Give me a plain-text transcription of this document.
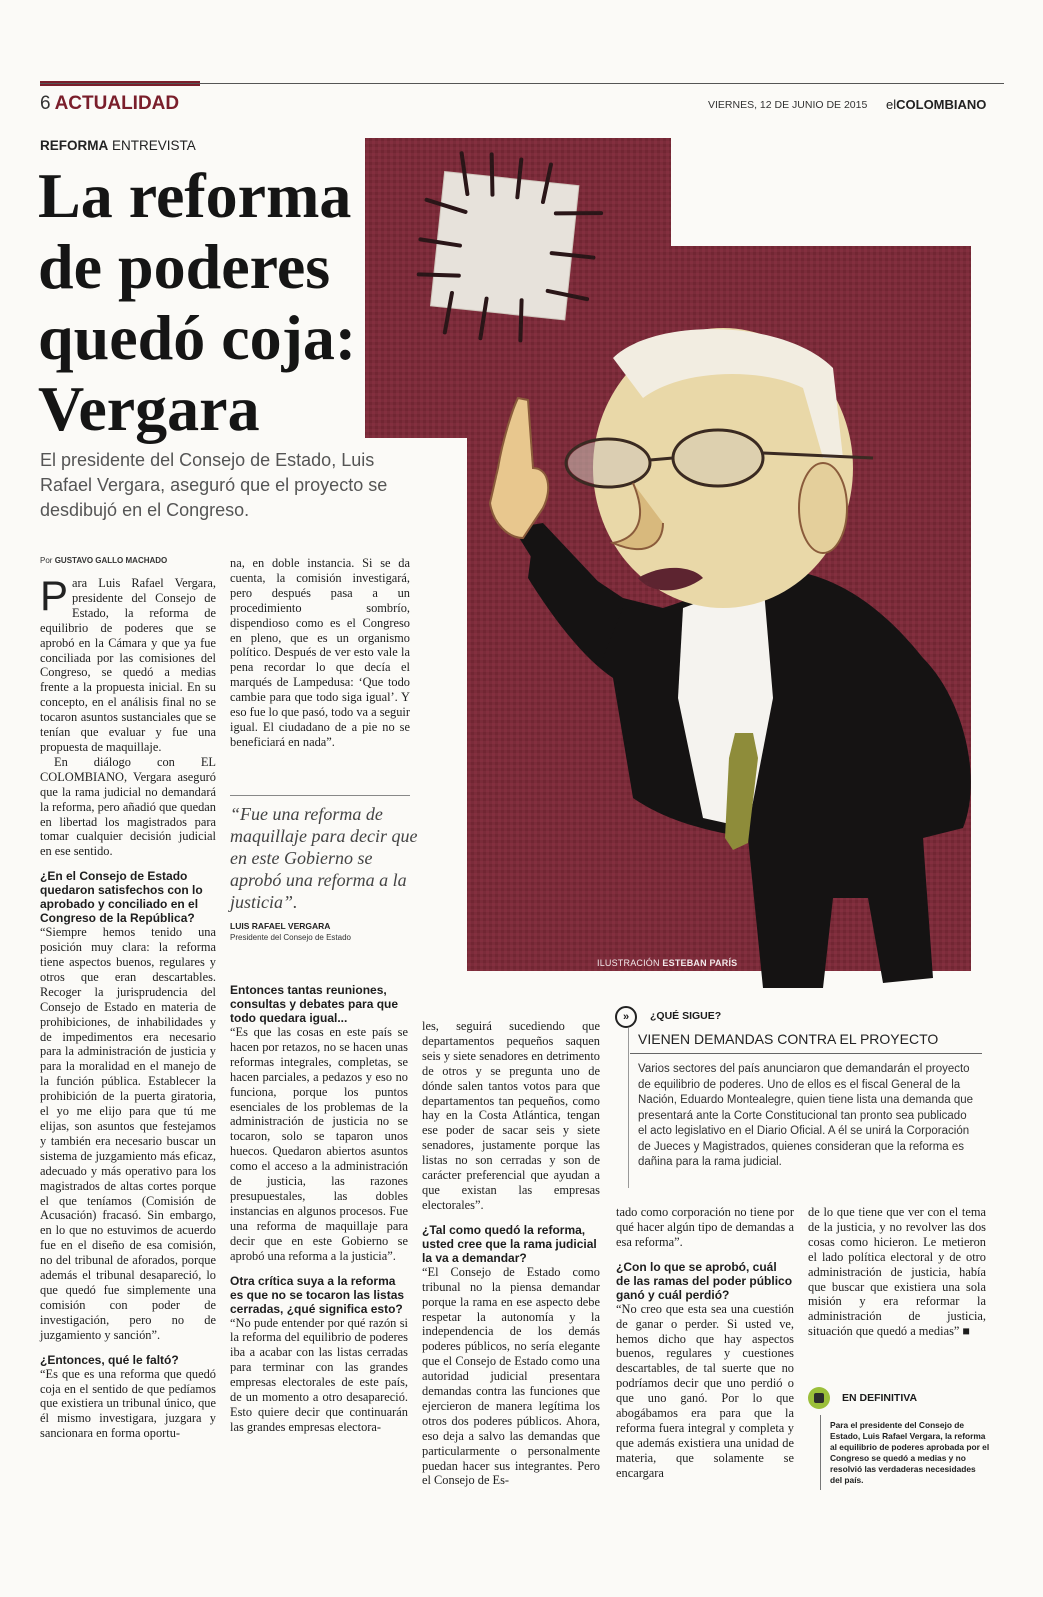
6 ACTUALIDAD	VIERNES, 12 DE JUNIO DE 2015 elCOLOMBIANO
REFORMA ENTREVISTA
La reforma de poderes quedó coja: Vergara

El presidente del Consejo de Estado, Luis Rafael Vergara, aseguró que el proyecto se desdibujó en el Congreso.

ILUSTRACIÓN ESTEBAN PARÍS
Por GUSTAVO GALLO MACHADO

Para Luis Rafael Vergara, presidente del Consejo de Estado, la reforma de equilibrio de poderes que se aprobó en la Cámara y que ya fue conciliada por las comisiones del Congreso, se quedó a medias frente a la propuesta inicial. En su concepto, en el análisis final no se tocaron asuntos sustanciales que se tenían que evaluar y fue una propuesta de maquillaje.

En diálogo con EL COLOMBIANO, Vergara aseguró que la rama judicial no demandará la reforma, pero añadió que quedan en libertad los magistrados para tomar cualquier decisión judicial en ese sentido.

¿En el Consejo de Estado quedaron satisfechos con lo aprobado y conciliado en el Congreso de la República?

“Siempre hemos tenido una posición muy clara: la reforma tiene aspectos buenos, regulares y otros que eran descartables. Recoger la jurisprudencia del Consejo de Estado en materia de prohibiciones, de inhabilidades y de impedimentos era necesario para la administración de justicia y para la moralidad en el manejo de la función pública. Establecer la prohibición de la puerta giratoria, el yo me elijo para que tú me elijas, son asuntos que festejamos y también era necesario buscar un sistema de juzgamiento más eficaz, adecuado y más operativo para los magistrados de altas cortes porque el que teníamos (Comisión de Acusación) fracasó. Sin embargo, en lo que no estuvimos de acuerdo fue en el diseño de esa comisión, no del tribunal de aforados, porque además el tribunal desapareció, lo que quedó fue simplemente una comisión con poder de investigación, pero no de juzgamiento y sanción”.

¿Entonces, qué le faltó?

“Es que es una reforma que quedó coja en el sentido de que pedíamos que existiera un tribunal único, que él mismo investigara, juzgara y sancionara en forma oportu-

na, en doble instancia. Si se da cuenta, la comisión investigará, pero después pasa a un procedimiento sombrío, dispendioso como es el Congreso en pleno, que es un organismo político. Después de ver esto vale la pena recordar lo que decía el marqués de Lampedusa: ‘Que todo cambie para que todo siga igual’. Y eso fue lo que pasó, todo va a seguir igual. El ciudadano de a pie no se beneficiará en nada”.

“Fue una reforma de maquillaje para decir que en este Gobierno se aprobó una reforma a la justicia”.
LUIS RAFAEL VERGARA
Presidente del Consejo de Estado

Entonces tantas reuniones, consultas y debates para que todo quedara igual...

“Es que las cosas en este país se hacen por retazos, no se hacen unas reformas integrales, completas, se hacen parciales, a pedazos y eso no funciona, porque los puntos esenciales de los problemas de la administración de justicia no se tocaron, solo se taparon unos huecos. Quedaron abiertos asuntos como el acceso a la administración de justicia, las razones presupuestales, las dobles instancias en algunos procesos. Fue una reforma de maquillaje para decir que en este Gobierno se aprobó una reforma a la justicia”.

Otra crítica suya a la reforma es que no se tocaron las listas cerradas, ¿qué significa esto?

“No pude entender por qué razón si la reforma del equilibrio de poderes iba a acabar con las listas cerradas para terminar con las grandes empresas electorales de este país, de un momento a otro desapareció. Esto quiere decir que continuarán las grandes empresas electora-

les, seguirá sucediendo que departamentos pequeños saquen seis y siete senadores en detrimento de otros y se pregunta uno de dónde salen tantos votos para que departamentos tan pequeños, como hay en la Costa Atlántica, tengan ese poder de sacar seis y siete senadores, justamente porque las listas no son cerradas y son de carácter preferencial que ayudan a que existan las empresas electorales”.

¿Tal como quedó la reforma, usted cree que la rama judicial la va a demandar?

“El Consejo de Estado como tribunal no la piensa demandar porque la rama en ese aspecto debe respetar la autonomía y la independencia de los demás poderes públicos, no sería elegante que el Consejo de Estado como una autoridad judicial presentara demandas contra las funciones que ejercieron de manera legítima los otros dos poderes públicos. Ahora, eso deja a salvo las demandas que particularmente o personalmente puedan hacer sus integrantes. Pero el Consejo de Es-

»	¿QUÉ SIGUE?
VIENEN DEMANDAS CONTRA EL PROYECTO
Varios sectores del país anunciaron que demandarán el proyecto de equilibrio de poderes. Uno de ellos es el fiscal General de la Nación, Eduardo Montealegre, quien tiene lista una demanda que presentará ante la Corte Constitucional tan pronto sea publicado el acto legislativo en el Diario Oficial. A él se unirá la Corporación de Jueces y Magistrados, quienes consideran que la reforma es dañina para la rama judicial.

tado como corporación no tiene por qué hacer algún tipo de demandas a esa reforma”.

¿Con lo que se aprobó, cuál de las ramas del poder público ganó y cuál perdió?

“No creo que esta sea una cuestión de ganar o perder. Si usted ve, hemos dicho que hay aspectos buenos, regulares y cuestiones descartables, de tal suerte que no podríamos decir que uno perdió o que uno ganó. Por lo que abogábamos era para que la reforma fuera integral y completa y que además existiera una unidad de materia, que solamente se encargara

de lo que tiene que ver con el tema de la justicia, y no revolver las dos cosas como hicieron. Le metieron el lado política electoral y de otro administración de justicia, había que buscar que existiera una sola misión y era reformar la administración de justicia, situación que quedó a medias” ■

EN DEFINITIVA
Para el presidente del Consejo de Estado, Luis Rafael Vergara, la reforma al equilibrio de poderes aprobada por el Congreso se quedó a medias y no resolvió las verdaderas necesidades del país.
